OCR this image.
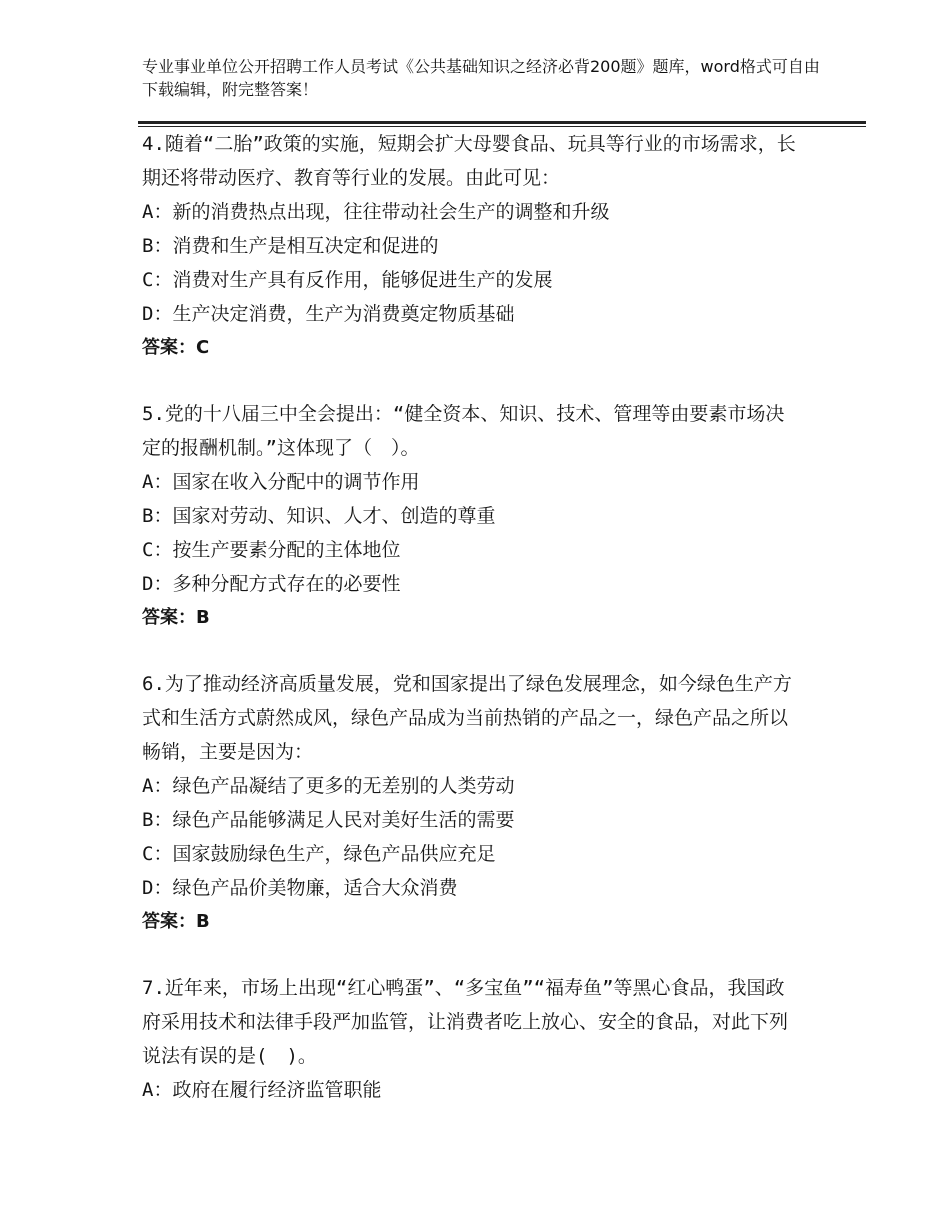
专业事业单位公开招聘工作人员考试《公共基础知识之经济必背200题》题库，word格式可自由下载编辑，附完整答案！

4.随着“二胎”政策的实施，短期会扩大母婴食品、玩具等行业的市场需求，长期还将带动医疗、教育等行业的发展。由此可见：

A：新的消费热点出现，往往带动社会生产的调整和升级

B：消费和生产是相互决定和促进的

C：消费对生产具有反作用，能够促进生产的发展

D：生产决定消费，生产为消费奠定物质基础

答案：C

5.党的十八届三中全会提出：“健全资本、知识、技术、管理等由要素市场决定的报酬机制。”这体现了（　）。

A：国家在收入分配中的调节作用

B：国家对劳动、知识、人才、创造的尊重

C：按生产要素分配的主体地位

D：多种分配方式存在的必要性

答案：B

6.为了推动经济高质量发展，党和国家提出了绿色发展理念，如今绿色生产方式和生活方式蔚然成风，绿色产品成为当前热销的产品之一，绿色产品之所以畅销，主要是因为：

A：绿色产品凝结了更多的无差别的人类劳动

B：绿色产品能够满足人民对美好生活的需要

C：国家鼓励绿色生产，绿色产品供应充足

D：绿色产品价美物廉，适合大众消费

答案：B

7.近年来，市场上出现“红心鸭蛋”、“多宝鱼”“福寿鱼”等黑心食品，我国政府采用技术和法律手段严加监管，让消费者吃上放心、安全的食品，对此下列说法有误的是(　)。

A：政府在履行经济监管职能
